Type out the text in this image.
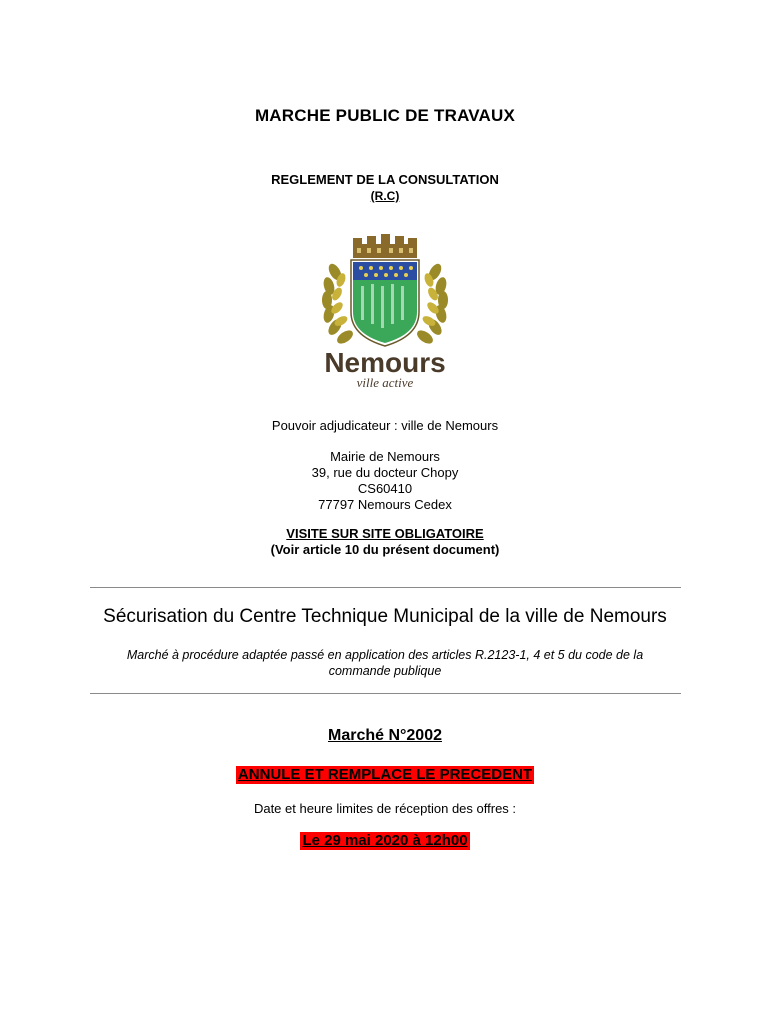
MARCHE PUBLIC DE TRAVAUX

REGLEMENT DE LA CONSULTATION

(R.C)

Nemours
ville active

Pouvoir adjudicateur : ville de Nemours

Mairie de Nemours
39, rue du docteur Chopy
CS60410
77797 Nemours Cedex

VISITE SUR SITE OBLIGATOIRE

(Voir article 10 du présent document)

Sécurisation du Centre Technique Municipal de la ville de Nemours

Marché à procédure adaptée passé en application des articles R.2123-1, 4 et 5 du code de la commande publique

Marché N°2002

ANNULE ET REMPLACE LE PRECEDENT

Date et heure limites de réception des offres :

Le 29 mai 2020 à 12h00
